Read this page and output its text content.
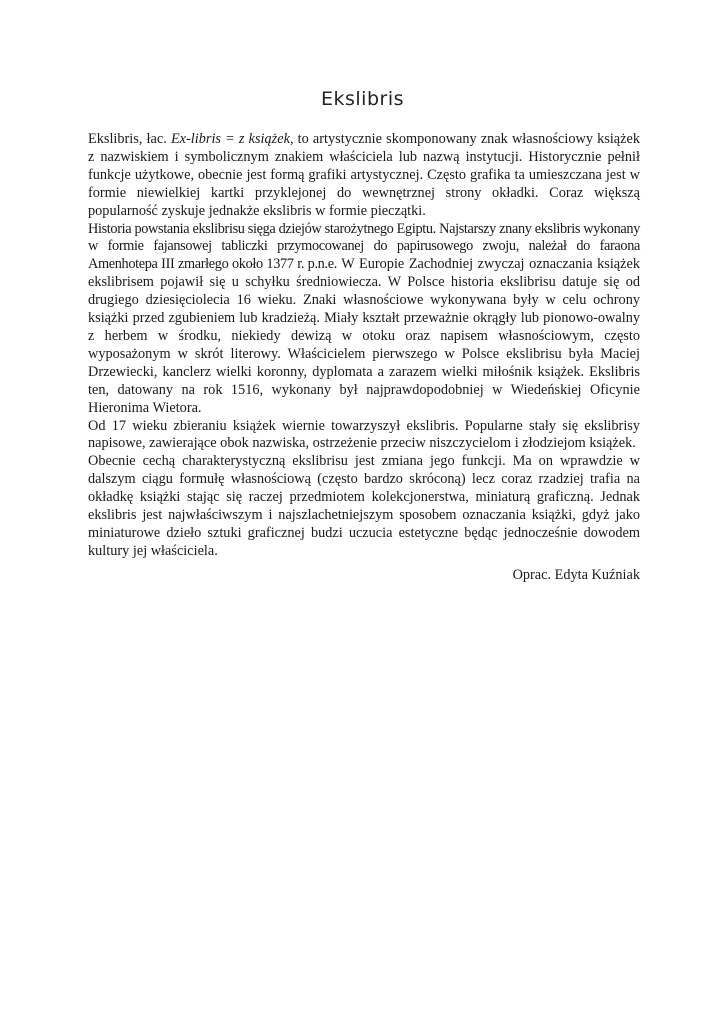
Ekslibris

Ekslibris, łac. Ex-libris = z książek, to artystycznie skomponowany znak własnościowy książek z nazwiskiem i symbolicznym znakiem właściciela lub nazwą instytucji. Historycznie pełnił funkcje użytkowe, obecnie jest formą grafiki artystycznej. Często grafika ta umieszczana jest w formie niewielkiej kartki przyklejonej do wewnętrznej strony okładki. Coraz większą popularność zyskuje jednakże ekslibris w formie pieczątki.

Historia powstania ekslibrisu sięga dziejów starożytnego Egiptu. Najstarszy znany ekslibris wykonany w formie fajansowej tabliczki przymocowanej do papirusowego zwoju, należał do faraona Amenhotepa III zmarłego około 1377 r. p.n.e. W Europie Zachodniej zwyczaj oznaczania książek ekslibrisem pojawił się u schyłku średniowiecza. W Polsce historia ekslibrisu datuje się od drugiego dziesięciolecia 16 wieku. Znaki własnościowe wykonywana były w celu ochrony książki przed zgubieniem lub kradzieżą. Miały kształt przeważnie okrągły lub pionowo-owalny z herbem w środku, niekiedy dewizą w otoku oraz napisem własnościowym, często wyposażonym w skrót literowy. Właścicielem pierwszego w Polsce ekslibrisu była Maciej Drzewiecki, kanclerz wielki koronny, dyplomata a zarazem wielki miłośnik książek. Ekslibris ten, datowany na rok 1516, wykonany był najprawdopodobniej w Wiedeńskiej Oficynie Hieronima Wietora.

Od 17 wieku zbieraniu książek wiernie towarzyszył ekslibris. Popularne stały się ekslibrisy napisowe, zawierające obok nazwiska, ostrzeżenie przeciw niszczycielom i złodziejom książek.

Obecnie cechą charakterystyczną ekslibrisu jest zmiana jego funkcji. Ma on wprawdzie w dalszym ciągu formułę własnościową (często bardzo skróconą) lecz coraz rzadziej trafia na okładkę książki stając się raczej przedmiotem kolekcjonerstwa, miniaturą graficzną. Jednak ekslibris jest najwłaściwszym i najszlachetniejszym sposobem oznaczania książki, gdyż jako miniaturowe dzieło sztuki graficznej budzi uczucia estetyczne będąc jednocześnie dowodem kultury jej właściciela.

Oprac. Edyta Kuźniak
